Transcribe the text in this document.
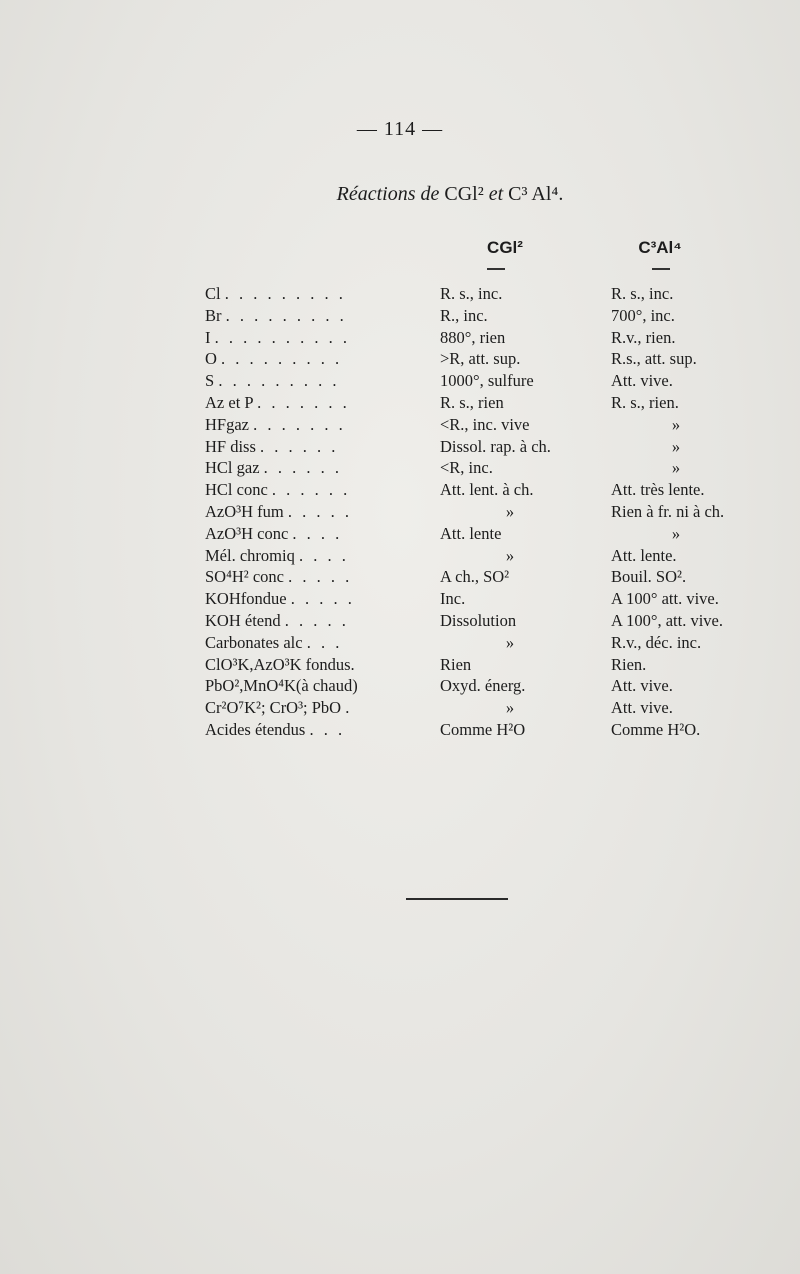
— 114 —
Réactions de CGl² et C³ Al⁴.
CGl²	C³Al⁴
Cl . . . . . . . . .	R. s., inc.	R. s., inc.
Br . . . . . . . . .	R., inc.	700°, inc.
I . . . . . . . . . .	880°, rien	R.v., rien.
O . . . . . . . . .	>R, att. sup.	R.s., att. sup.
S . . . . . . . . .	1000°, sulfure	Att. vive.
Az et P . . . . . . .	R. s., rien	R. s., rien.
HFgaz . . . . . . .	<R., inc. vive	»
HF diss . . . . . .	Dissol. rap. à ch.	»
HCl gaz . . . . . .	<R, inc.	»
HCl conc . . . . . .	Att. lent. à ch.	Att. très lente.
AzO³H fum . . . . .	»	Rien à fr. ni à ch.
AzO³H conc . . . .	Att. lente	»
Mél. chromiq . . . .	»	Att. lente.
SO⁴H² conc . . . . .	A ch., SO²	Bouil. SO².
KOHfondue . . . . .	Inc.	A 100° att. vive.
KOH étend . . . . .	Dissolution	A 100°, att. vive.
Carbonates alc . . .	»	R.v., déc. inc.
ClO³K,AzO³K fondus.	Rien	Rien.
PbO²,MnO⁴K(à chaud)	Oxyd. énerg.	Att. vive.
Cr²O⁷K²; CrO³; PbO .	»	Att. vive.
Acides étendus . . .	Comme H²O	Comme H²O.
